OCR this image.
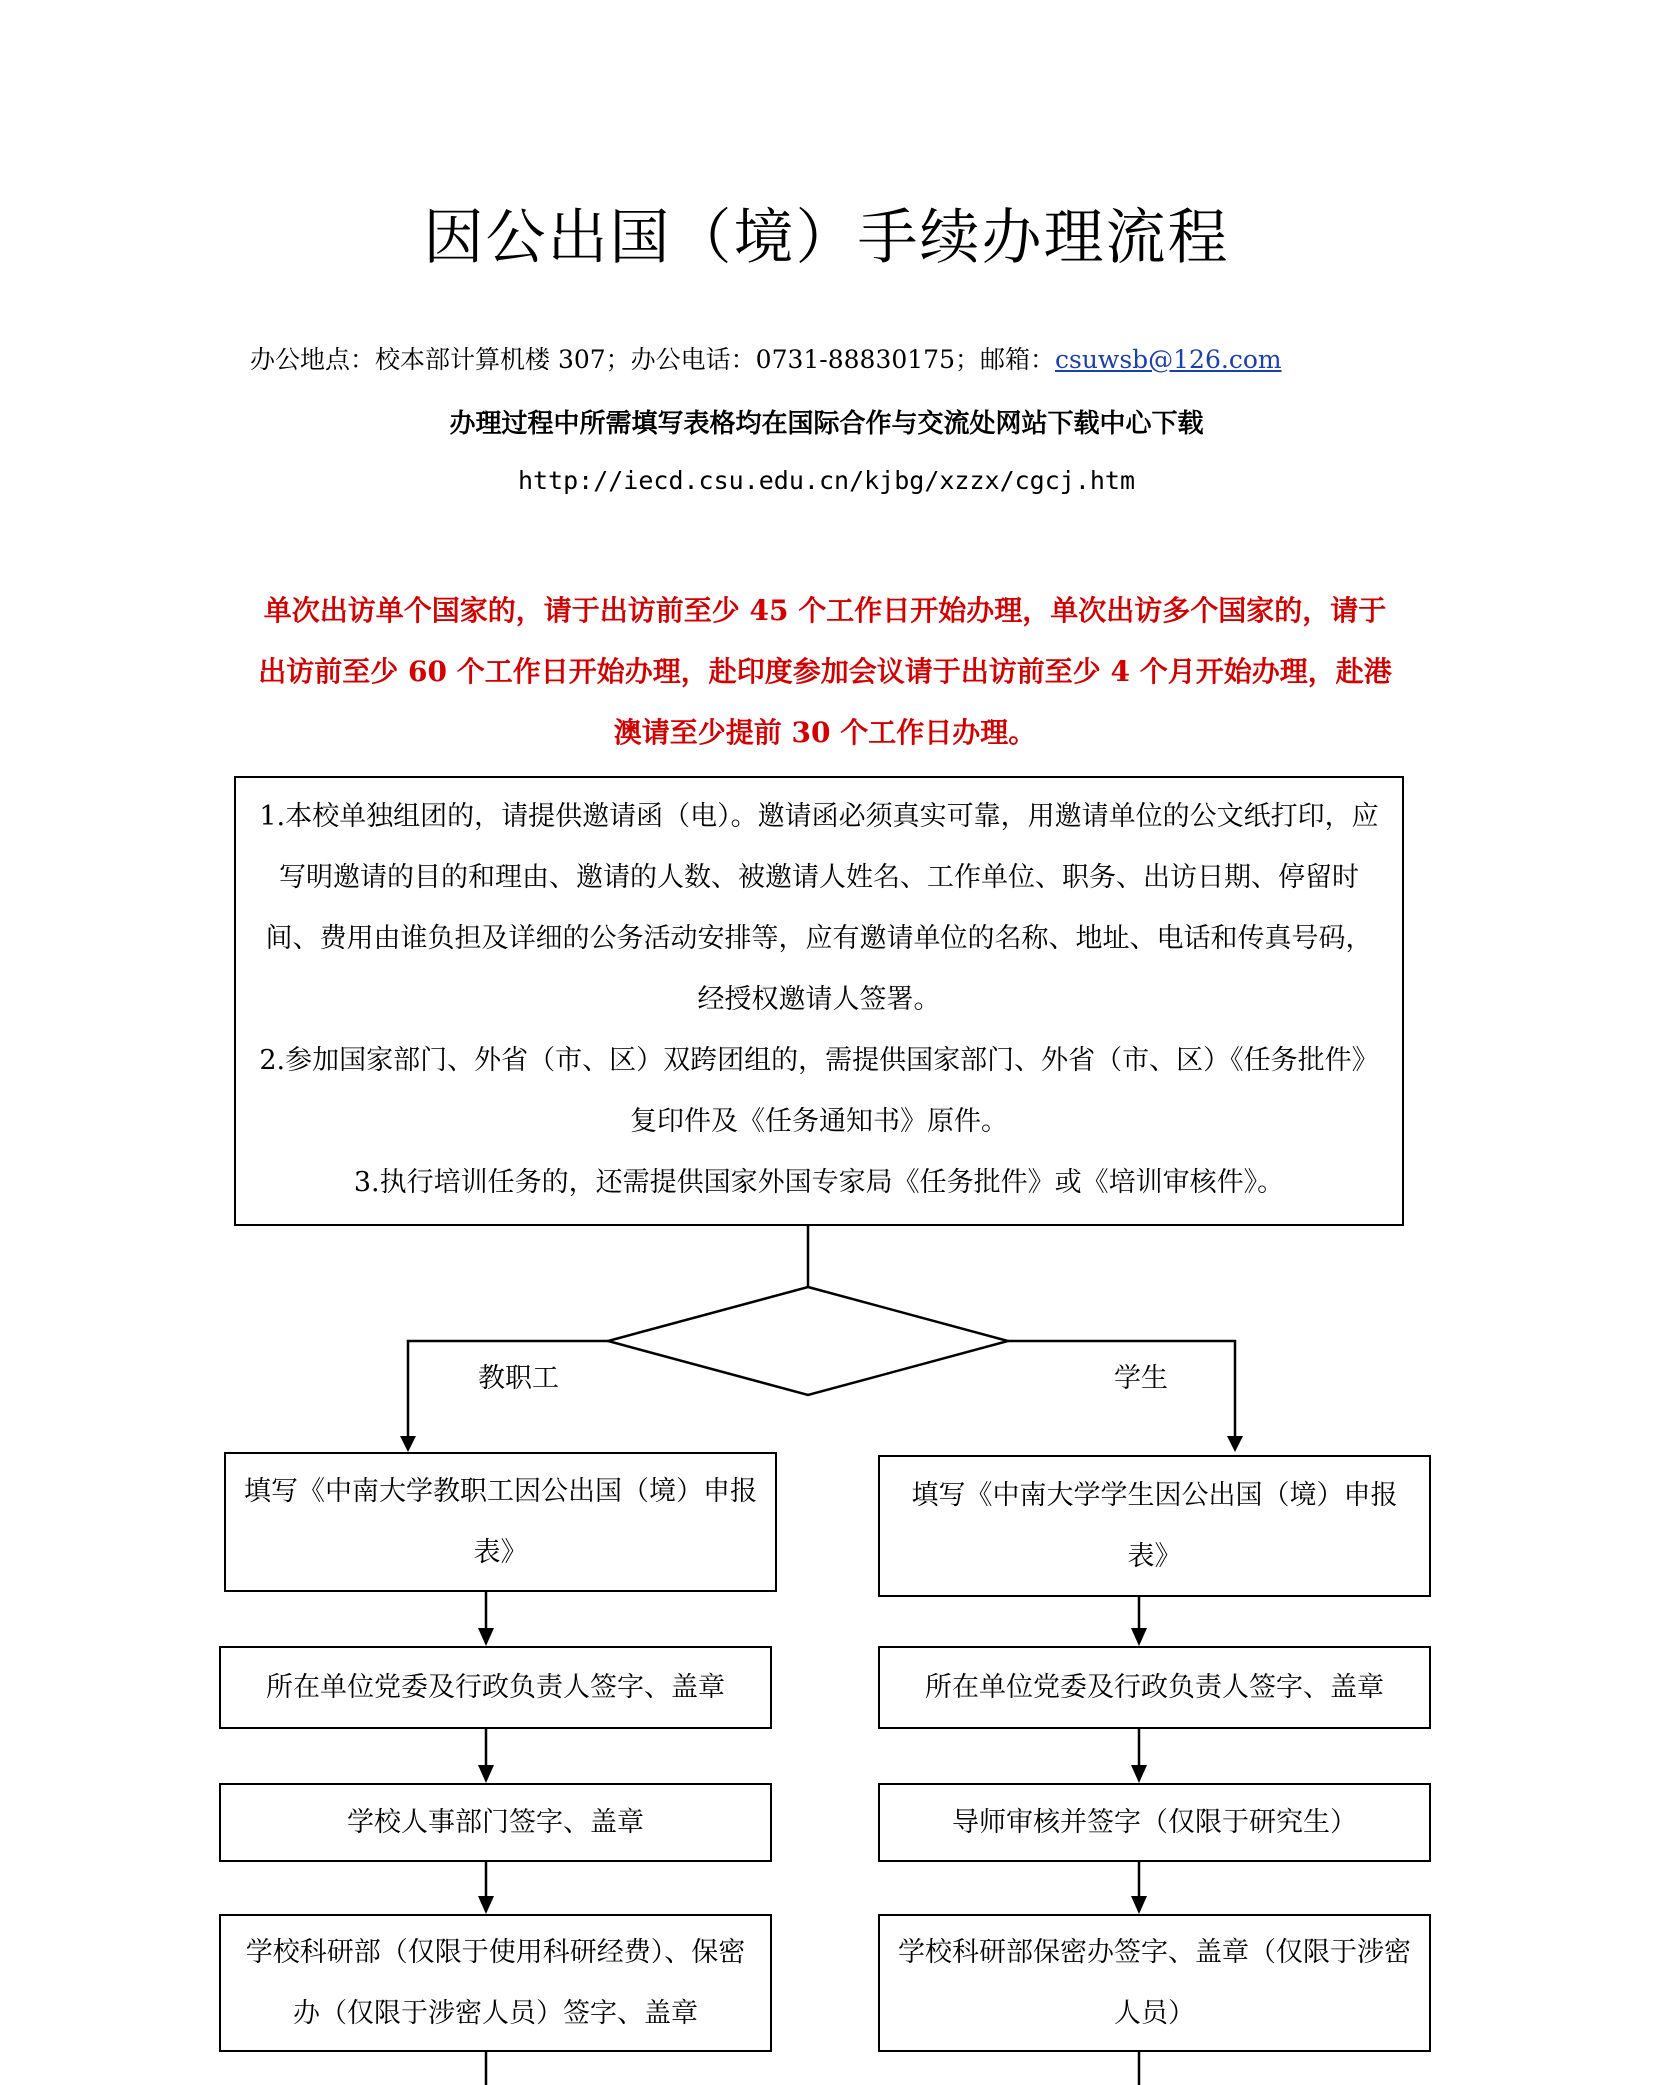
因公出国（境）手续办理流程
办公地点：校本部计算机楼 307；办公电话：0731-88830175；邮箱：csuwsb@126.com
办理过程中所需填写表格均在国际合作与交流处网站下载中心下载
http://iecd.csu.edu.cn/kjbg/xzzx/cgcj.htm
单次出访单个国家的，请于出访前至少 45 个工作日开始办理，单次出访多个国家的，请于出访前至少 60 个工作日开始办理，赴印度参加会议请于出访前至少 4 个月开始办理，赴港澳请至少提前 30 个工作日办理。

1.本校单独组团的，请提供邀请函（电）。邀请函必须真实可靠，用邀请单位的公文纸打印，应写明邀请的目的和理由、邀请的人数、被邀请人姓名、工作单位、职务、出访日期、停留时间、费用由谁负担及详细的公务活动安排等，应有邀请单位的名称、地址、电话和传真号码，经授权邀请人签署。

2.参加国家部门、外省（市、区）双跨团组的，需提供国家部门、外省（市、区）《任务批件》复印件及《任务通知书》原件。

3.执行培训任务的，还需提供国家外国专家局《任务批件》或《培训审核件》。

教职工	学生
填写《中南大学教职工因公出国（境）申报表》
所在单位党委及行政负责人签字、盖章
学校人事部门签字、盖章
学校科研部（仅限于使用科研经费）、保密办（仅限于涉密人员）签字、盖章
填写《中南大学学生因公出国（境）申报表》
所在单位党委及行政负责人签字、盖章
导师审核并签字（仅限于研究生）
学校科研部保密办签字、盖章（仅限于涉密人员）
